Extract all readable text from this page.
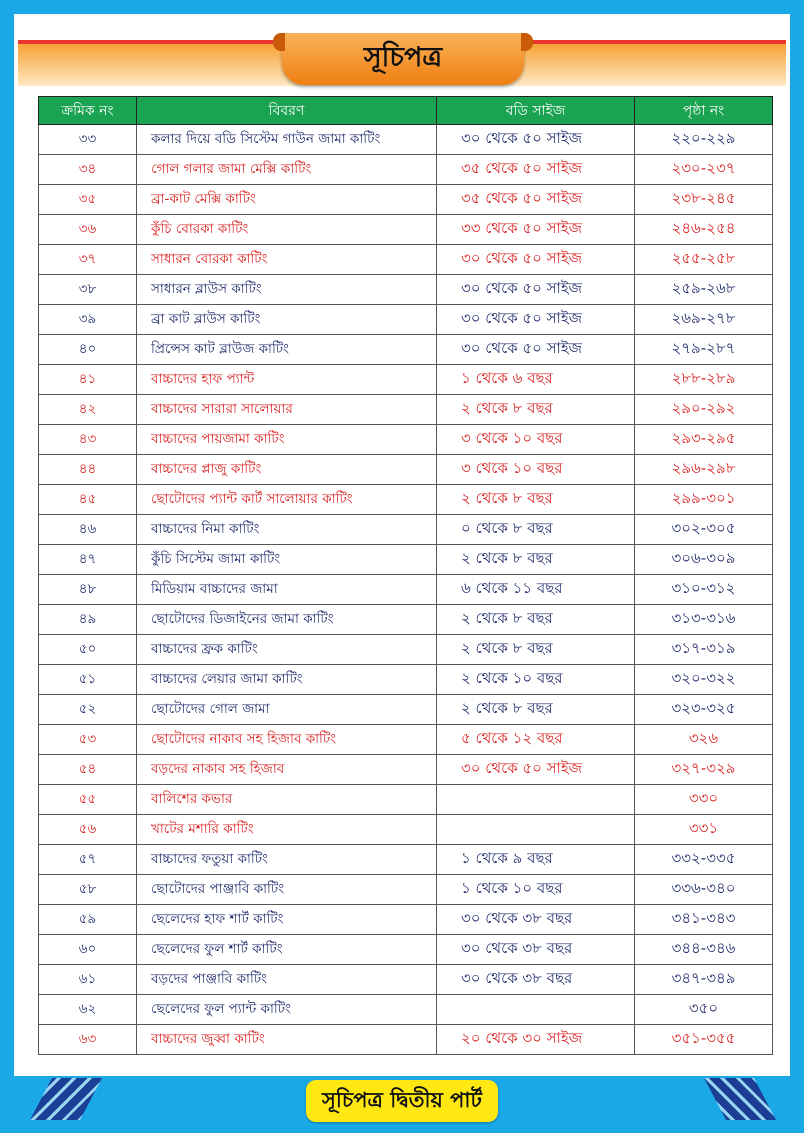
সূচিপত্র
ক্রমিক নং	বিবরণ	বডি সাইজ	পৃষ্ঠা নং
৩৩	কলার দিয়ে বডি সিস্টেম গাউন জামা কাটিং	৩০ থেকে ৫০ সাইজ	২২০-২২৯
৩৪	গোল গলার জামা মেক্সি কাটিং	৩৫ থেকে ৫০ সাইজ	২৩০-২৩৭
৩৫	ব্রা-কাট মেক্সি কাটিং	৩৫ থেকে ৫০ সাইজ	২৩৮-২৪৫
৩৬	কুঁচি বোরকা কাটিং	৩৩ থেকে ৫০ সাইজ	২৪৬-২৫৪
৩৭	সাধারন বোরকা কাটিং	৩০ থেকে ৫০ সাইজ	২৫৫-২৫৮
৩৮	সাধারন ব্লাউস কাটিং	৩০ থেকে ৫০ সাইজ	২৫৯-২৬৮
৩৯	ব্রা কাট ব্লাউস কাটিং	৩০ থেকে ৫০ সাইজ	২৬৯-২৭৮
৪০	প্রিন্সেস কাট ব্লাউজ কাটিং	৩০ থেকে ৫০ সাইজ	২৭৯-২৮৭
৪১	বাচ্চাদের হাফ প্যান্ট	১ থেকে ৬ বছর	২৮৮-২৮৯
৪২	বাচ্চাদের সারারা সালোয়ার	২ থেকে ৮ বছর	২৯০-২৯২
৪৩	বাচ্চাদের পায়জামা কাটিং	৩ থেকে ১০ বছর	২৯৩-২৯৫
৪৪	বাচ্চাদের প্লাজু কাটিং	৩ থেকে ১০ বছর	২৯৬-২৯৮
৪৫	ছোটোদের প্যান্ট কার্ট সালোয়ার কাটিং	২ থেকে ৮ বছর	২৯৯-৩০১
৪৬	বাচ্চাদের নিমা কাটিং	০ থেকে ৮ বছর	৩০২-৩০৫
৪৭	কুঁচি সিস্টেম জামা কাটিং	২ থেকে ৮ বছর	৩০৬-৩০৯
৪৮	মিডিয়াম বাচ্চাদের জামা	৬ থেকে ১১ বছর	৩১০-৩১২
৪৯	ছোটোদের ডিজাইনের জামা কাটিং	২ থেকে ৮ বছর	৩১৩-৩১৬
৫০	বাচ্চাদের ফ্রক কাটিং	২ থেকে ৮ বছর	৩১৭-৩১৯
৫১	বাচ্চাদের লেয়ার জামা কাটিং	২ থেকে ১০ বছর	৩২০-৩২২
৫২	ছোটোদের গোল জামা	২ থেকে ৮ বছর	৩২৩-৩২৫
৫৩	ছোটোদের নাকাব সহ হিজাব কাটিং	৫ থেকে ১২ বছর	৩২৬
৫৪	বড়দের নাকাব সহ হিজাব	৩০ থেকে ৫০ সাইজ	৩২৭-৩২৯
৫৫	বালিশের কভার		৩৩০
৫৬	খাটের মশারি কাটিং		৩৩১
৫৭	বাচ্চাদের ফতুয়া কাটিং	১ থেকে ৯ বছর	৩৩২-৩৩৫
৫৮	ছোটোদের পাঞ্জাবি কাটিং	১ থেকে ১০ বছর	৩৩৬-৩৪০
৫৯	ছেলেদের হাফ শার্ট কাটিং	৩০ থেকে ৩৮ বছর	৩৪১-৩৪৩
৬০	ছেলেদের ফুল শার্ট কাটিং	৩০ থেকে ৩৮ বছর	৩৪৪-৩৪৬
৬১	বড়দের পাঞ্জাবি কাটিং	৩০ থেকে ৩৮ বছর	৩৪৭-৩৪৯
৬২	ছেলেদের ফুল প্যান্ট কাটিং		৩৫০
৬৩	বাচ্চাদের জুব্বা কাটিং	২০ থেকে ৩০ সাইজ	৩৫১-৩৫৫
সূচিপত্র দ্বিতীয় পার্ট
